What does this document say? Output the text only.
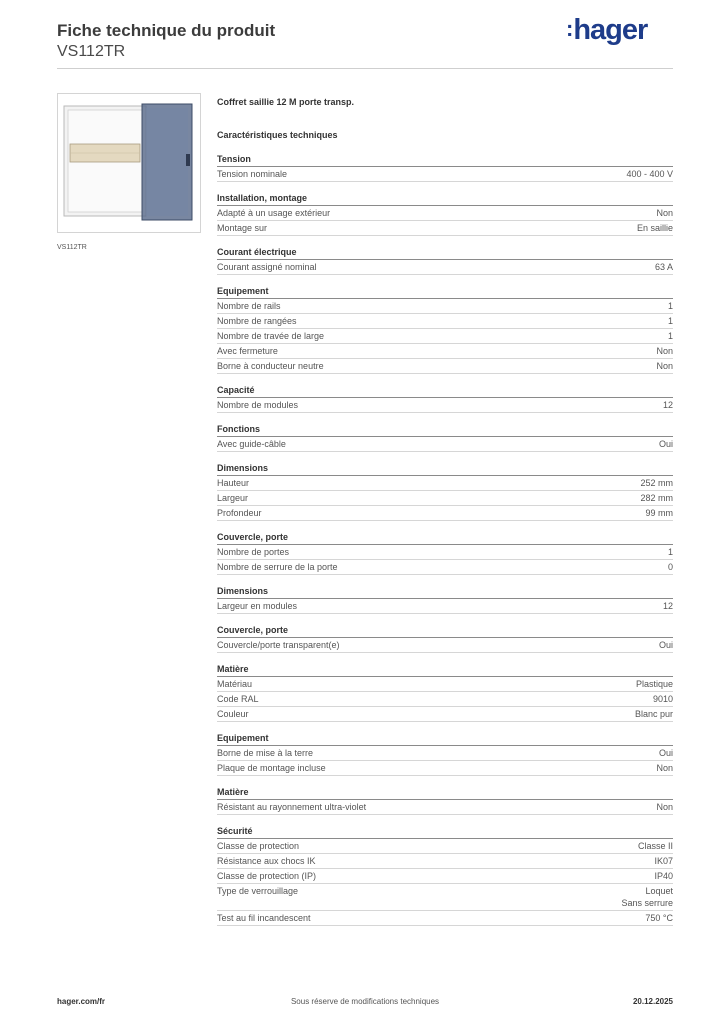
Fiche technique du produit
VS112TR
:hager
VS112TR
Coffret saillie 12 M porte transp.
Caractéristiques techniques
Tension
Tension nominale	400 - 400 V
Installation, montage
Adapté à un usage extérieur	Non
Montage sur	En saillie
Courant électrique
Courant assigné nominal	63 A
Equipement
Nombre de rails	1
Nombre de rangées	1
Nombre de travée de large	1
Avec fermeture	Non
Borne à conducteur neutre	Non
Capacité
Nombre de modules	12
Fonctions
Avec guide-câble	Oui
Dimensions
Hauteur	252 mm
Largeur	282 mm
Profondeur	99 mm
Couvercle, porte
Nombre de portes	1
Nombre de serrure de la porte	0
Dimensions
Largeur en modules	12
Couvercle, porte
Couvercle/porte transparent(e)	Oui
Matière
Matériau	Plastique
Code RAL	9010
Couleur	Blanc pur
Equipement
Borne de mise à la terre	Oui
Plaque de montage incluse	Non
Matière
Résistant au rayonnement ultra-violet	Non
Sécurité
Classe de protection	Classe II
Résistance aux chocs IK	IK07
Classe de protection (IP)	IP40
Type de verrouillage	Loquet
Sans serrure
Test au fil incandescent	750 °C
hager.com/fr	Sous réserve de modifications techniques	20.12.2025
